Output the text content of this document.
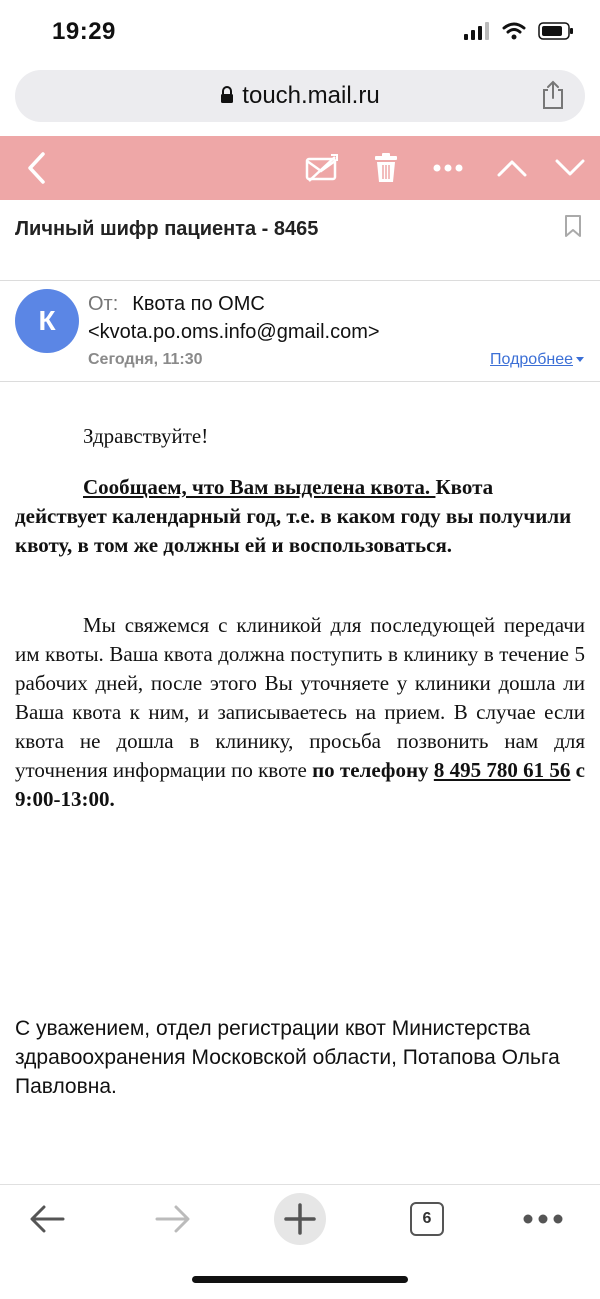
19:29
touch.mail.ru
Личный шифр пациента - 8465
К
От: Квота по ОМС
<kvota.po.oms.info@gmail.com>
Сегодня, 11:30	Подробнее
Здравствуйте!
Сообщаем, что Вам выделена квота. Квота действует календарный год, т.е. в каком году вы получили квоту, в том же должны ей и воспользоваться.
Мы свяжемся с клиникой для последующей передачи им квоты. Ваша квота должна поступить в клинику в течение 5 рабочих дней, после этого Вы уточняете у клиники дошла ли Ваша квота к ним, и записываетесь на прием. В случае если квота не дошла в клинику, просьба позвонить нам для уточнения информации по квоте по телефону 8 495 780 61 56 с 9:00-13:00.
С уважением, отдел регистрации квот Министерства здравоохранения Московской области, Потапова Ольга Павловна.
6
